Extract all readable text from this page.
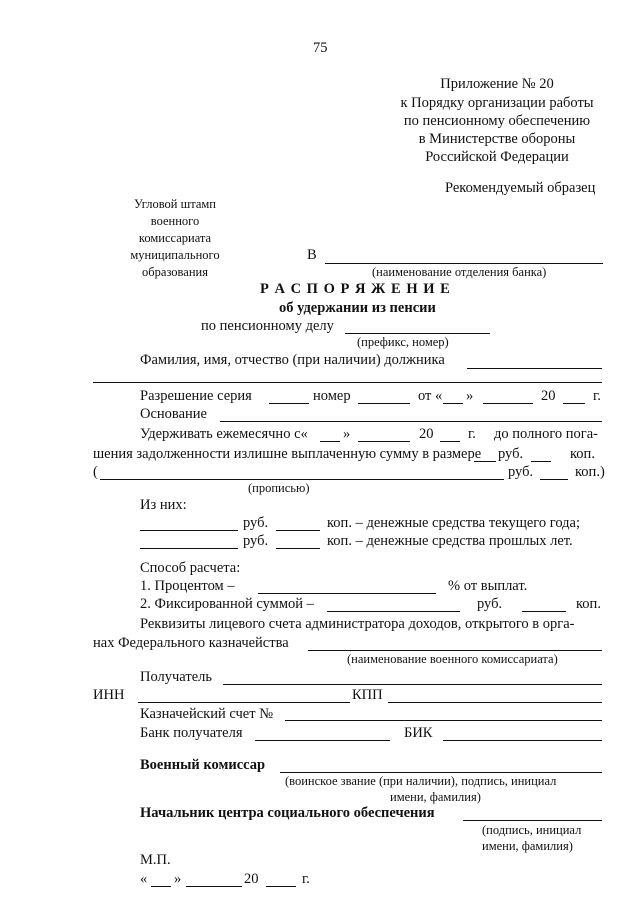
75
Приложение № 20
к Порядку организации работы
по пенсионному обеспечению
в Министерстве обороны
Российской Федерации
Рекомендуемый образец
Угловой штамп
военного
комиссариата
муниципального
образования
В
(наименование отделения банка)
Р А С П О Р Я Ж Е Н И Е
об удержании из пенсии
по пенсионному делу
(префикс, номер)
Фамилия, имя, отчество (при наличии) должника
Разрешение серия	номер	от « »	20	г.
Основание
Удерживать ежемесячно с« »	20 г. до полного пога-
шения задолженности излишне выплаченную сумму в размере руб.	коп.
(	руб.	коп.)
(прописью)
Из них:
руб.	коп. – денежные средства текущего года;
руб.	коп. – денежные средства прошлых лет.
Способ расчета:
1. Процентом –	% от выплат.
2. Фиксированной суммой –	руб.	коп.
Реквизиты лицевого счета администратора доходов, открытого в орга-
нах Федерального казначейства
(наименование военного комиссариата)
Получатель
ИНН	КПП
Казначейский счет №
Банк получателя	БИК
Военный комиссар
(воинское звание (при наличии), подпись, инициал
имени, фамилия)
Начальник центра социального обеспечения
(подпись, инициал
имени, фамилия)
М.П.
« »	20	г.
